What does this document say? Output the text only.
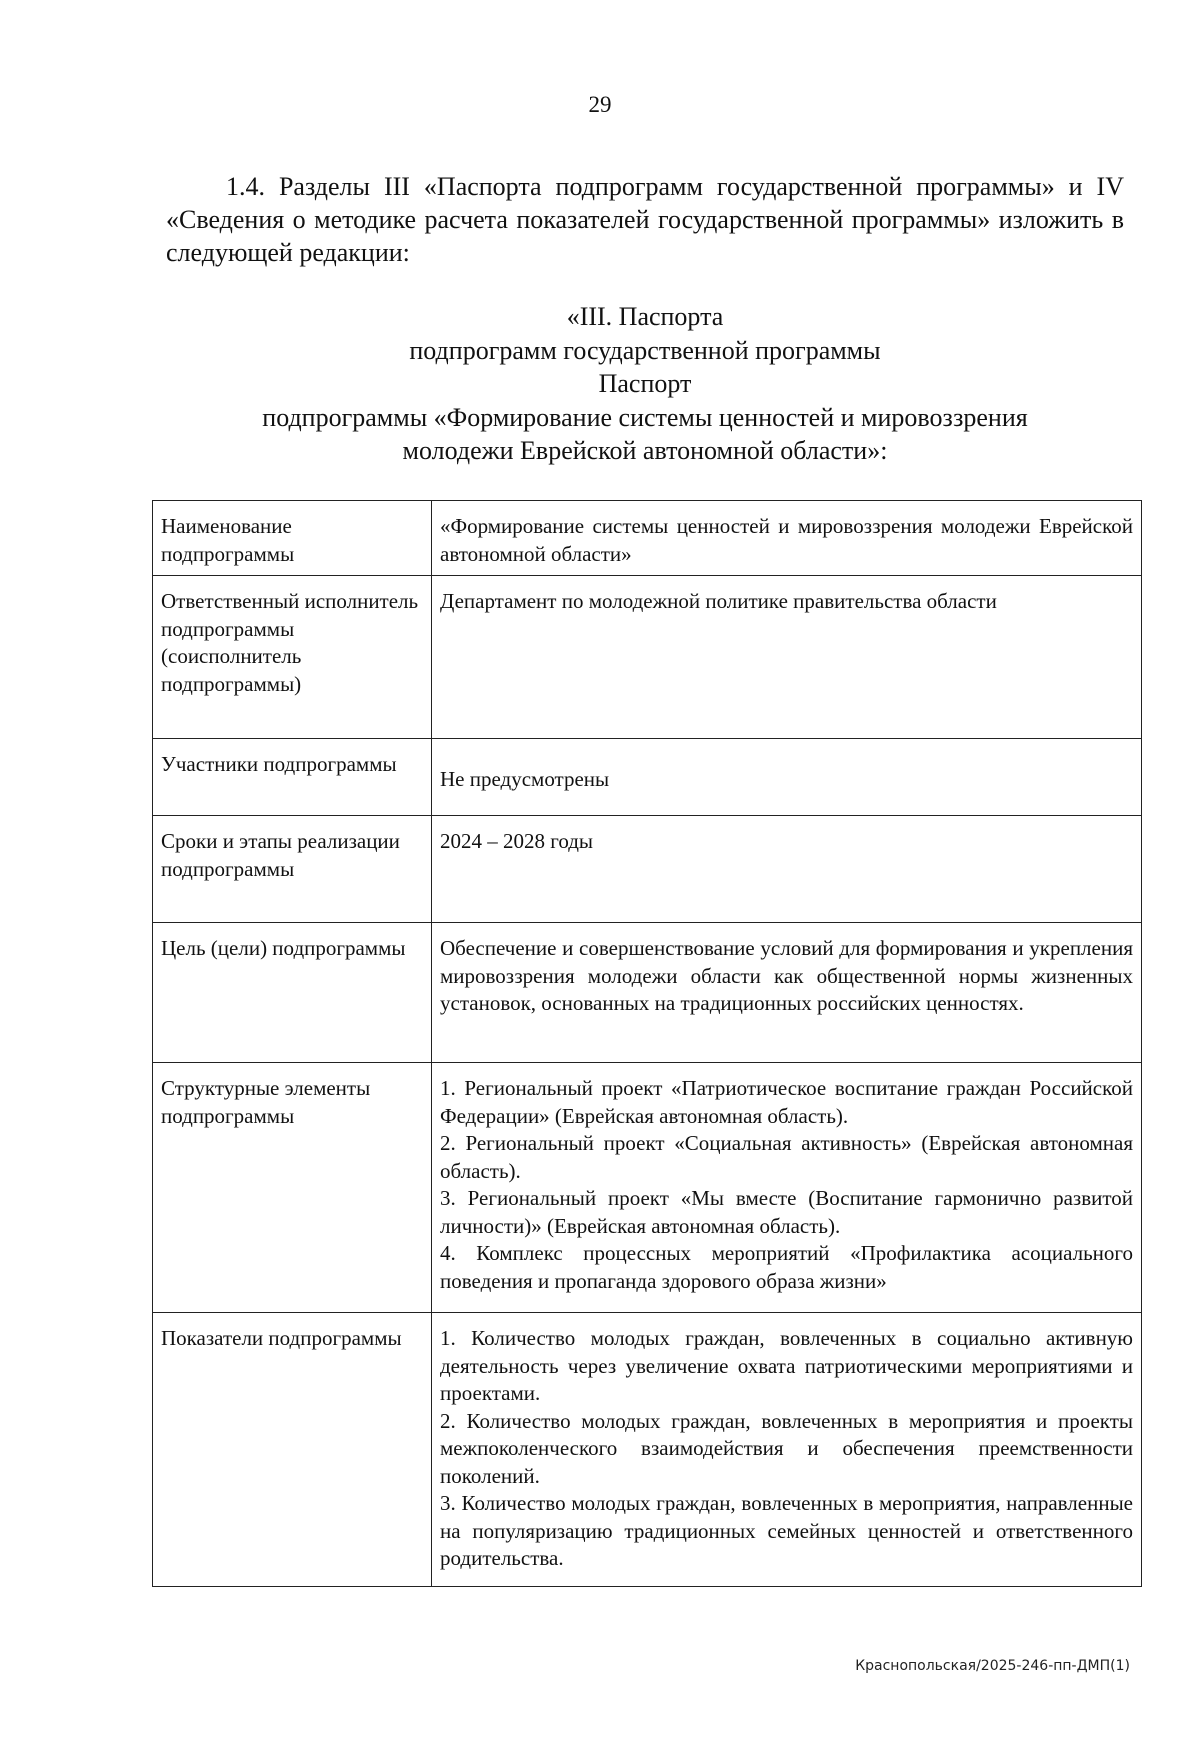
29

1.4. Разделы III «Паспорта подпрограмм государственной программы» и IV «Сведения о методике расчета показателей государственной программы» изложить в следующей редакции:

«III. Паспорта
подпрограмм государственной программы
Паспорт
подпрограммы «Формирование системы ценностей и мировоззрения
молодежи Еврейской автономной области»:
Наименование подпрограммы	«Формирование системы ценностей и мировоззрения молодежи Еврейской автономной области»

Ответственный исполнитель подпрограммы (соисполнитель подпрограммы)	Департамент по молодежной политике правительства области

Участники подпрограммы	Не предусмотрены

Сроки и этапы реализации подпрограммы	2024 – 2028 годы

Цель (цели) подпрограммы	Обеспечение и совершенствование условий для формирования и укрепления мировоззрения молодежи области как общественной нормы жизненных установок, основанных на традиционных российских ценностях.

Структурные элементы подпрограммы	1. Региональный проект «Патриотическое воспитание граждан Российской Федерации» (Еврейская автономная область).
2. Региональный проект «Социальная активность» (Еврейская автономная область).
3. Региональный проект «Мы вместе (Воспитание гармонично развитой личности)» (Еврейская автономная область).
4. Комплекс процессных мероприятий «Профилактика асоциального поведения и пропаганда здорового образа жизни»

Показатели подпрограммы	1. Количество молодых граждан, вовлеченных в социально активную деятельность через увеличение охвата патриотическими мероприятиями и проектами.
2. Количество молодых граждан, вовлеченных в мероприятия и проекты межпоколенческого взаимодействия и обеспечения преемственности поколений.
3. Количество молодых граждан, вовлеченных в мероприятия, направленные на популяризацию традиционных семейных ценностей и ответственного родительства.
Краснопольская/2025-246-пп-ДМП(1)
